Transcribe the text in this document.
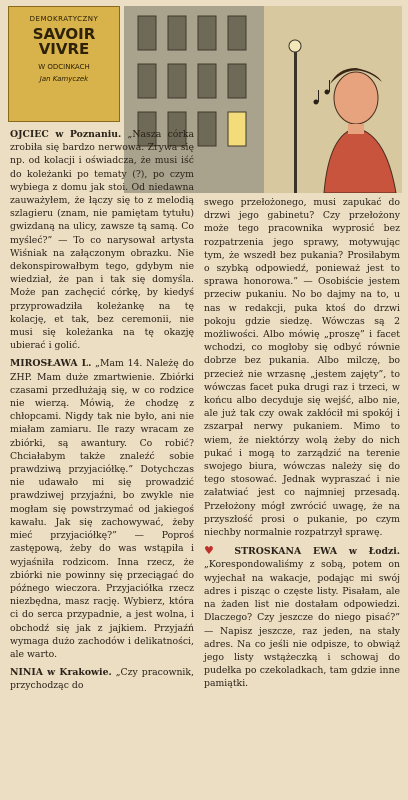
DEMOKRATYCZNY
SAVOIR VIVRE
W ODCINKACH
Jan Kamyczek

OJCIEC w Poznaniu. „Nasza córka zrobiła się bardzo nerwowa. Zrywa się np. od kolacji i oświadcza, że musi iść do koleżanki po tematy (?), po czym wybiega z domu jak stoi. Od niedawna zauważyłem, że łączy się to z melodią szlagieru (znam, nie pamiętam tytułu) gwizdaną na ulicy, zawsze tą samą. Co myśleć?” — To co narysował artysta Wiśniak na załączonym obrazku. Nie dekonspirowałbym tego, gdybym nie wiedział, że pan i tak się domyśla. Może pan zachęcić córkę, by kiedyś przyprowadziła koleżankę na tę kolację, et tak, bez ceremonii, nie musi się koleżanka na tę okazję ubierać i golić.

MIROSŁAWA L. „Mam 14. Należę do ZHP. Mam duże zmartwienie. Zbiórki czasami przedłużają się, w co rodzice nie wierzą. Mówią, że chodzę z chłopcami. Nigdy tak nie było, ani nie miałam zamiaru. Ile razy wracam ze zbiórki, są awantury. Co robić? Chciałabym także znaleźć sobie prawdziwą przyjaciółkę.” Dotychczas nie udawało mi się prowadzić prawdziwej przyjaźni, bo zwykle nie mogłam się powstrzymać od jakiegoś kawału. Jak się zachowywać, żeby mieć przyjaciółkę?” — Poproś zastępową, żeby do was wstąpiła i wyjaśniła rodzicom. Inna rzecz, że zbiórki nie powinny się przeciągać do późnego wieczora. Przyjaciółka rzecz niezbędna, masz rację. Wybierz, która ci do serca przypadnie, a jest wolna, i obchodź się jak z jajkiem. Przyjaźń wymaga dużo zachodów i delikatności, ale warto.

NINIA w Krakowie. „Czy pracownik, przychodząc do

swego przełożonego, musi zapukać do drzwi jego gabinetu? Czy przełożony może tego pracownika wyprosić bez rozpatrzenia jego sprawy, motywując tym, że wszedł bez pukania? Prosiłabym o szybką odpowiedź, ponieważ jest to sprawa honorowa.” — Osobiście jestem przeciw pukaniu. No bo dajmy na to, u nas w redakcji, puka ktoś do drzwi pokoju gdzie siedzę. Wówczas są 2 możliwości. Albo mówię „proszę” i facet wchodzi, co mogłoby się odbyć równie dobrze bez pukania. Albo milczę, bo przecież nie wrzasnę „jestem zajęty”, to wówczas facet puka drugi raz i trzeci, w końcu albo decyduje się wejść, albo nie, ale już tak czy owak zakłócił mi spokój i zszarpał nerwy pukaniem. Mimo to wiem, że niektórzy wolą żeby do nich pukać i mogą to zarządzić na terenie swojego biura, wówczas należy się do tego stosować. Jednak wypraszać i nie załatwiać jest co najmniej przesadą. Przełożony mógł zwrócić uwagę, że na przyszłość prosi o pukanie, po czym niechby normalnie rozpatrzył sprawę.

♥ STROSKANA EWA w Łodzi. „Korespondowaliśmy z sobą, potem on wyjechał na wakacje, podając mi swój adres i pisząc o częste listy. Pisałam, ale na żaden list nie dostałam odpowiedzi. Dlaczego? Czy jeszcze do niego pisać?” — Napisz jeszcze, raz jeden, na stały adres. Na co jeśli nie odpisze, to obwiąż jego listy wstążeczką i schowaj do pudełka po czekoladkach, tam gdzie inne pamiątki.
